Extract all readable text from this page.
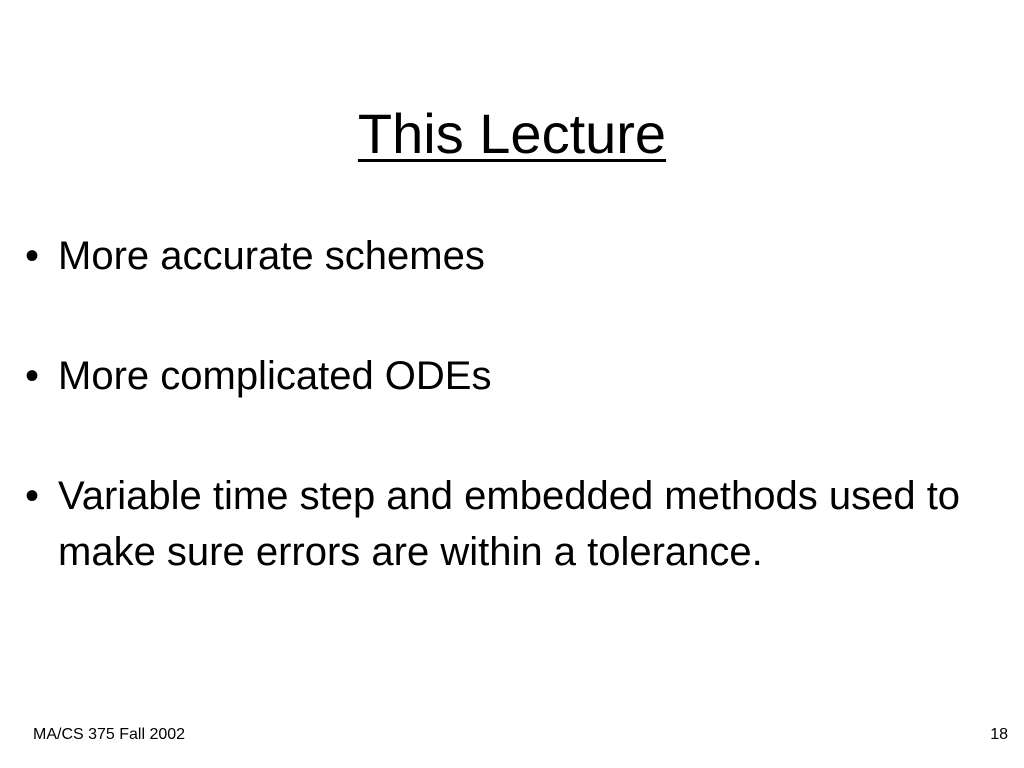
This Lecture
• More accurate schemes
• More complicated ODEs
• Variable time step and embedded methods used to make sure errors are within a tolerance.
MA/CS 375 Fall 2002	18
